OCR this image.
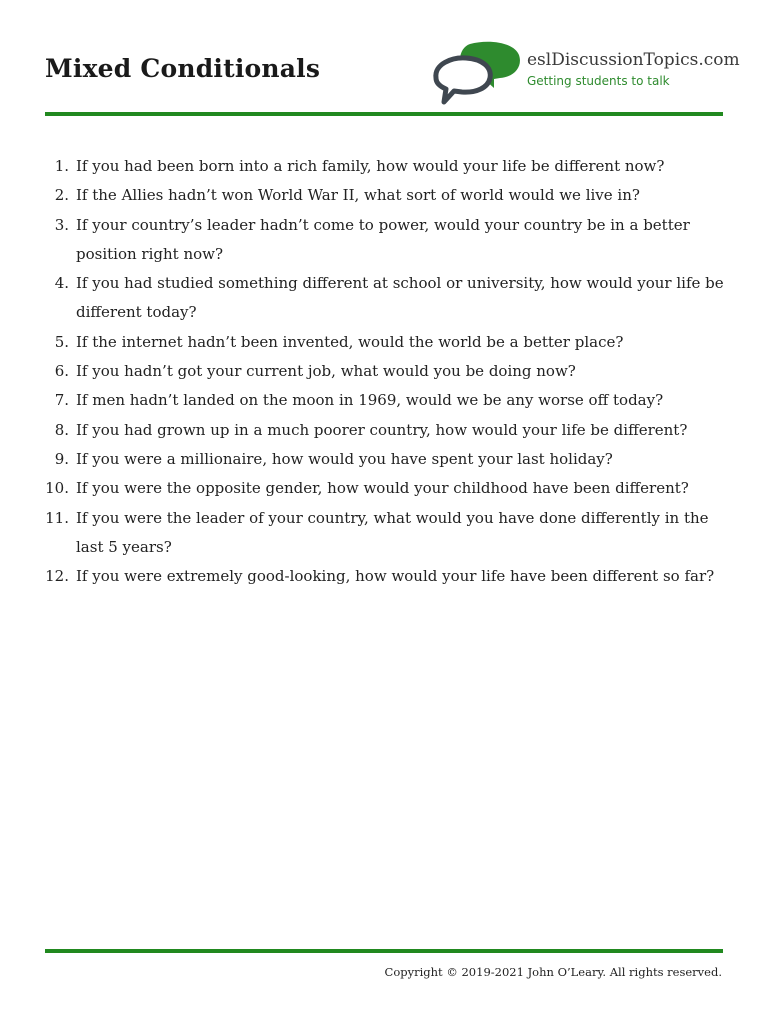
Mixed Conditionals	eslDiscussionTopics.com
Getting students to talk
1. If you had been born into a rich family, how would your life be different now?
2. If the Allies hadn’t won World War II, what sort of world would we live in?
3. If your country’s leader hadn’t come to power, would your country be in a better position right now?
4. If you had studied something different at school or university, how would your life be different today?
5. If the internet hadn’t been invented, would the world be a better place?
6. If you hadn’t got your current job, what would you be doing now?
7. If men hadn’t landed on the moon in 1969, would we be any worse off today?
8. If you had grown up in a much poorer country, how would your life be different?
9. If you were a millionaire, how would you have spent your last holiday?
10. If you were the opposite gender, how would your childhood have been different?
11. If you were the leader of your country, what would you have done differently in the last 5 years?
12. If you were extremely good-looking, how would your life have been different so far?
Copyright © 2019-2021 John O’Leary. All rights reserved.
